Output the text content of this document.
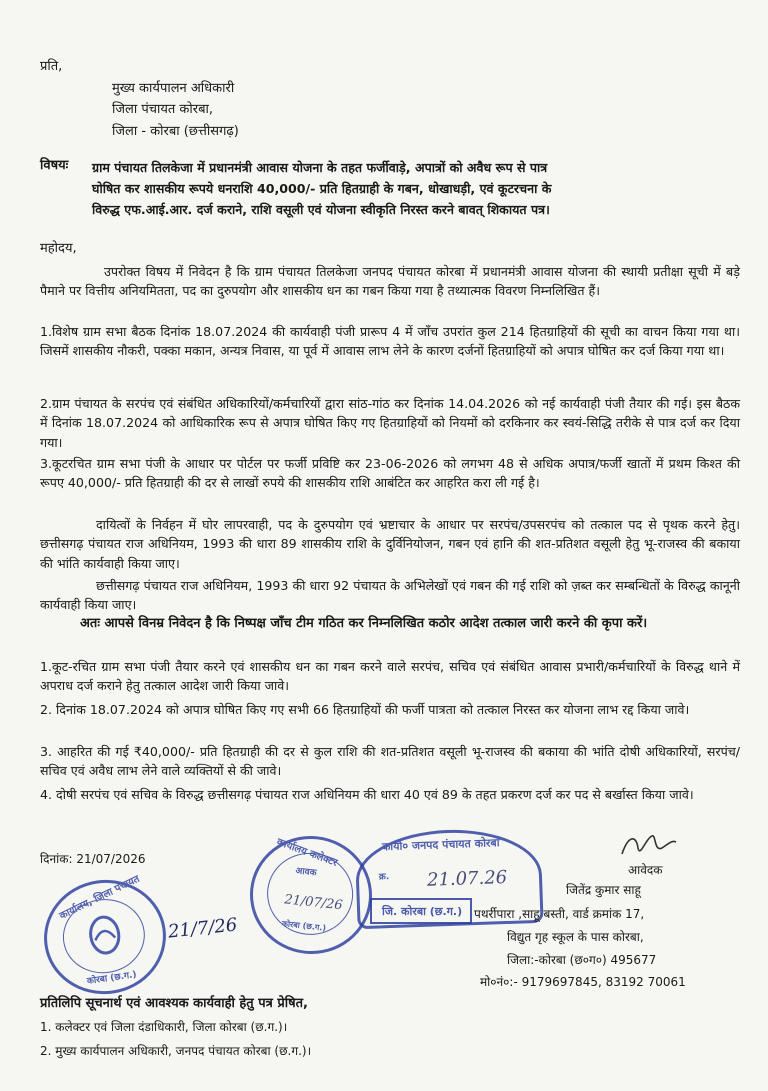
प्रति,
मुख्य कार्यपालन अधिकारी
जिला पंचायत कोरबा,
जिला - कोरबा (छत्तीसगढ़)
विषयः ग्राम पंचायत तिलकेजा में प्रधानमंत्री आवास योजना के तहत फर्जीवाड़े, अपात्रों को अवैध रूप से पात्र
घोषित कर शासकीय रूपये धनराशि 40,000/- प्रति हितग्राही के गबन, धोखाधड़ी, एवं कूटरचना के
विरुद्ध एफ.आई.आर. दर्ज कराने, राशि वसूली एवं योजना स्वीकृति निरस्त करने बावत् शिकायत पत्र।
महोदय,
उपरोक्त विषय में निवेदन है कि ग्राम पंचायत तिलकेजा जनपद पंचायत कोरबा में प्रधानमंत्री आवास योजना की स्थायी प्रतीक्षा सूची में बड़े पैमाने पर वित्तीय अनियमितता, पद का दुरुपयोग और शासकीय धन का गबन किया गया है तथ्यात्मक विवरण निम्नलिखित हैं।
1.विशेष ग्राम सभा बैठक दिनांक 18.07.2024 की कार्यवाही पंजी प्रारूप 4 में जाँच उपरांत कुल 214 हितग्राहियों की सूची का वाचन किया गया था। जिसमें शासकीय नौकरी, पक्का मकान, अन्यत्र निवास, या पूर्व में आवास लाभ लेने के कारण दर्जनों हितग्राहियों को अपात्र घोषित कर दर्ज किया गया था।
2.ग्राम पंचायत के सरपंच एवं संबंधित अधिकारियों/कर्मचारियों द्वारा सांठ-गांठ कर दिनांक 14.04.2026 को नई कार्यवाही पंजी तैयार की गई। इस बैठक में दिनांक 18.07.2024 को आधिकारिक रूप से अपात्र घोषित किए गए हितग्राहियों को नियमों को दरकिनार कर स्वयं-सिद्धि तरीके से पात्र दर्ज कर दिया गया।
3.कूटरचित ग्राम सभा पंजी के आधार पर पोर्टल पर फर्जी प्रविष्टि कर 23-06-2026 को लगभग 48 से अधिक अपात्र/फर्जी खातों में प्रथम किश्त की रूपए 40,000/- प्रति हितग्राही की दर से लाखों रुपये की शासकीय राशि आबंटित कर आहरित करा ली गई है।
दायित्वों के निर्वहन में घोर लापरवाही, पद के दुरुपयोग एवं भ्रष्टाचार के आधार पर सरपंच/उपसरपंच को तत्काल पद से पृथक करने हेतु।छत्तीसगढ़ पंचायत राज अधिनियम, 1993 की धारा 89 शासकीय राशि के दुर्विनियोजन, गबन एवं हानि की शत-प्रतिशत वसूली हेतु भू-राजस्व की बकाया की भांति कार्यवाही किया जाए।
छत्तीसगढ़ पंचायत राज अधिनियम, 1993 की धारा 92 पंचायत के अभिलेखों एवं गबन की गई राशि को ज़ब्त कर सम्बन्धितों के विरुद्ध कानूनी कार्यवाही किया जाए।
अतः आपसे विनम्र निवेदन है कि निष्पक्ष जाँच टीम गठित कर निम्नलिखित कठोर आदेश तत्काल जारी करने की कृपा करें।
1.कूट-रचित ग्राम सभा पंजी तैयार करने एवं शासकीय धन का गबन करने वाले सरपंच, सचिव एवं संबंधित आवास प्रभारी/कर्मचारियों के विरुद्ध थाने में अपराध दर्ज कराने हेतु तत्काल आदेश जारी किया जावे।
2. दिनांक 18.07.2024 को अपात्र घोषित किए गए सभी 66 हितग्राहियों की फर्जी पात्रता को तत्काल निरस्त कर योजना लाभ रद्द किया जावे।
3. आहरित की गई ₹40,000/- प्रति हितग्राही की दर से कुल राशि की शत-प्रतिशत वसूली भू-राजस्व की बकाया की भांति दोषी अधिकारियों, सरपंच/सचिव एवं अवैध लाभ लेने वाले व्यक्तियों से की जावे।
4. दोषी सरपंच एवं सचिव के विरुद्ध छत्तीसगढ़ पंचायत राज अधिनियम की धारा 40 एवं 89 के तहत प्रकरण दर्ज कर पद से बर्खास्त किया जावे।
दिनांक: 21/07/2026
कार्यालय, जिला पंचायत
कोरबा (छ.ग.)
21/7/26
कार्यालय कलेक्टर
आवक
21/07/26
कोरबा (छ.ग.)
कार्या० जनपद पंचायत कोरबा
क्र. 21.07.26
जि. कोरबा (छ.ग.)
आवेदक
जितेंद्र कुमार साहू
पथर्रीपारा ,साहू बस्ती, वार्ड क्रमांक 17,
विद्युत गृह स्कूल के पास कोरबा,
जिला:-कोरबा (छ०ग०) 495677
मो०नं०:- 9179697845, 83192 70061
प्रतिलिपि सूचनार्थ एवं आवश्यक कार्यवाही हेतु पत्र प्रेषित,
1. कलेक्टर एवं जिला दंडाधिकारी, जिला कोरबा (छ.ग.)।
2. मुख्य कार्यपालन अधिकारी, जनपद पंचायत कोरबा (छ.ग.)।
